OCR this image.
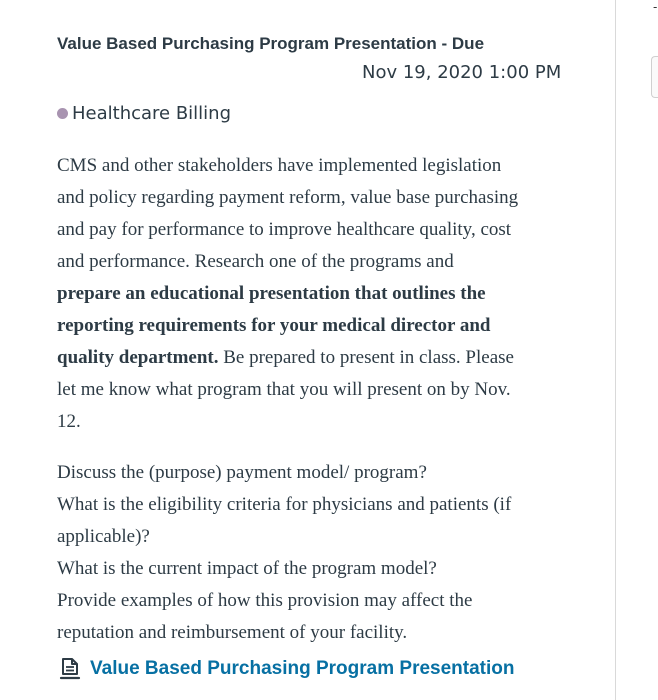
Value Based Purchasing Program Presentation - Due
Nov 19, 2020 1:00 PM
Healthcare Billing
CMS and other stakeholders have implemented legislation
and policy regarding payment reform, value base purchasing
and pay for performance to improve healthcare quality, cost
and performance. Research one of the programs and
prepare an educational presentation that outlines the
reporting requirements for your medical director and
quality department. Be prepared to present in class. Please
let me know what program that you will present on by Nov.
12.
Discuss the (purpose) payment model/ program?
What is the eligibility criteria for physicians and patients (if
applicable)?
What is the current impact of the program model?
Provide examples of how this provision may affect the
reputation and reimbursement of your facility.
Value Based Purchasing Program Presentation
-
